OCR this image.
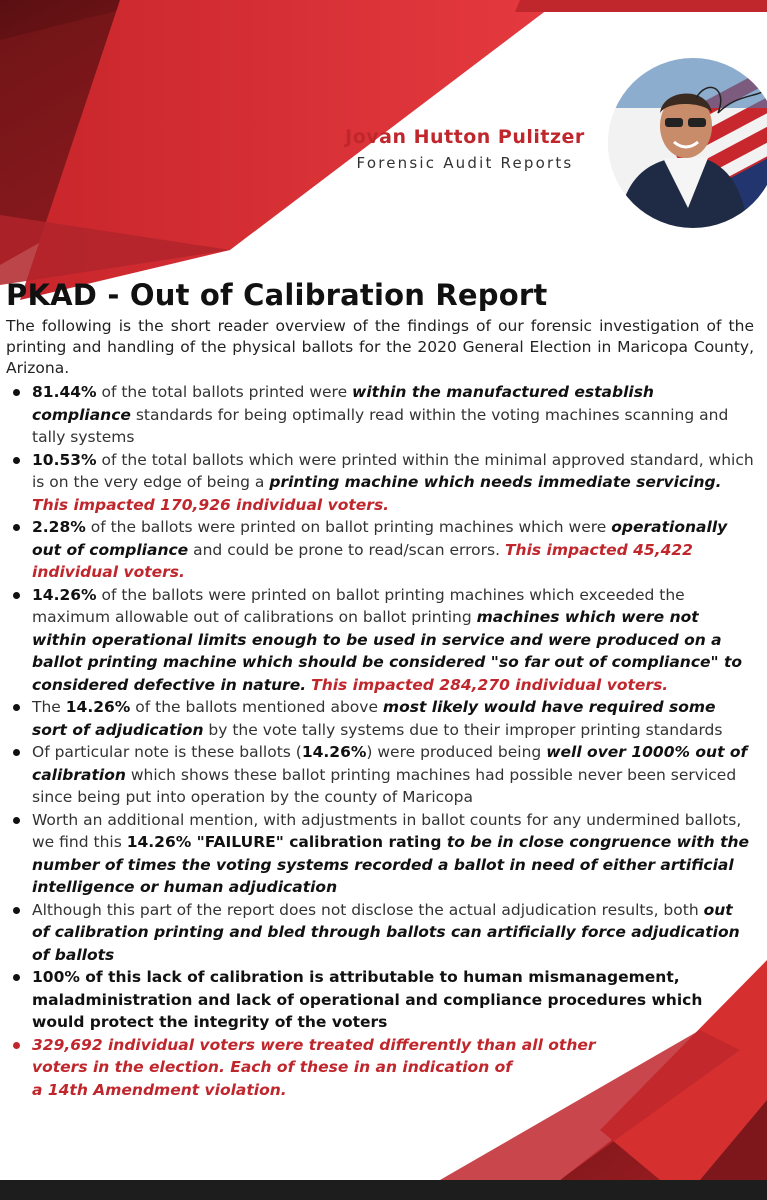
Jovan Hutton Pulitzer
Forensic Audit Reports
PKAD - Out of Calibration Report

The following is the short reader overview of the findings of our forensic investigation of the printing and handling of the physical ballots for the 2020 General Election in Maricopa County, Arizona.

81.44% of the total ballots printed were within the manufactured establish compliance standards for being optimally read within the voting machines scanning and tally systems
10.53% of the total ballots which were printed within the minimal approved standard, which is on the very edge of being a printing machine which needs immediate servicing. This impacted 170,926 individual voters.
2.28% of the ballots were printed on ballot printing machines which were operationally out of compliance and could be prone to read/scan errors. This impacted 45,422 individual voters.
14.26% of the ballots were printed on ballot printing machines which exceeded the maximum allowable out of calibrations on ballot printing machines which were not within operational limits enough to be used in service and were produced on a ballot printing machine which should be considered "so far out of compliance" to considered defective in nature. This impacted 284,270 individual voters.
The 14.26% of the ballots mentioned above most likely would have required some sort of adjudication by the vote tally systems due to their improper printing standards
Of particular note is these ballots (14.26%) were produced being well over 1000% out of calibration which shows these ballot printing machines had possible never been serviced since being put into operation by the county of Maricopa
Worth an additional mention, with adjustments in ballot counts for any undermined ballots, we find this 14.26% "FAILURE" calibration rating to be in close congruence with the number of times the voting systems recorded a ballot in need of either artificial intelligence or human adjudication
Although this part of the report does not disclose the actual adjudication results, both out of calibration printing and bled through ballots can artificially force adjudication of ballots
100% of this lack of calibration is attributable to human mismanagement, maladministration and lack of operational and compliance procedures which would protect the integrity of the voters
329,692 individual voters were treated differently than all other
voters in the election. Each of these in an indication of
a 14th Amendment violation.
